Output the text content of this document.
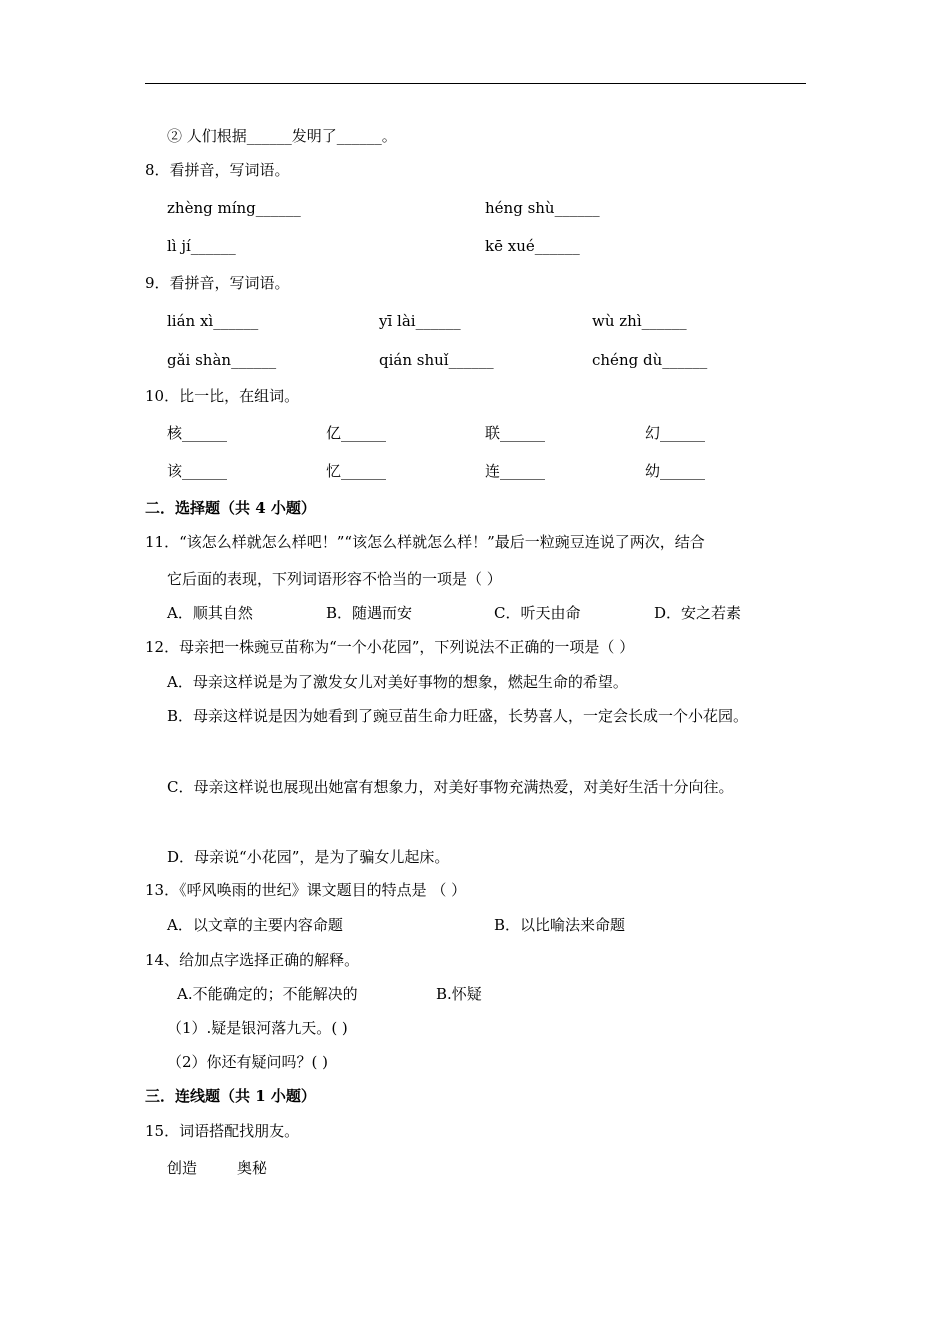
② 人们根据______发明了______。
8．看拼音，写词语。
zhèng míng______	héng shù______
lì jí______	kē xué______
9．看拼音，写词语。
lián xì______	yī lài______	wù zhì______
gǎi shàn______	qián shuǐ______	chéng dù______
10．比一比，在组词。
核______	亿______	联______	幻______
该______	忆______	连______	幼______
二．选择题（共 4 小题）
11．“该怎么样就怎么样吧！”“该怎么样就怎么样！”最后一粒豌豆连说了两次，结合
它后面的表现，下列词语形容不恰当的一项是（ ）
A．顺其自然	B．随遇而安	C．听天由命	D．安之若素
12．母亲把一株豌豆苗称为“一个小花园”，下列说法不正确的一项是（ ）
A．母亲这样说是为了激发女儿对美好事物的想象，燃起生命的希望。
B．母亲这样说是因为她看到了豌豆苗生命力旺盛，长势喜人，一定会长成一个小花园。
C．母亲这样说也展现出她富有想象力，对美好事物充满热爱，对美好生活十分向往。
D．母亲说“小花园”，是为了骗女儿起床。
13．《呼风唤雨的世纪》课文题目的特点是 （ ）
A．以文章的主要内容命题	B．以比喻法来命题
14、给加点字选择正确的解释。
A.不能确定的；不能解决的	B.怀疑
（1）.疑是银河落九天。( )
（2）你还有疑问吗？( )
三．连线题（共 1 小题）
15．词语搭配找朋友。
创造	奥秘
